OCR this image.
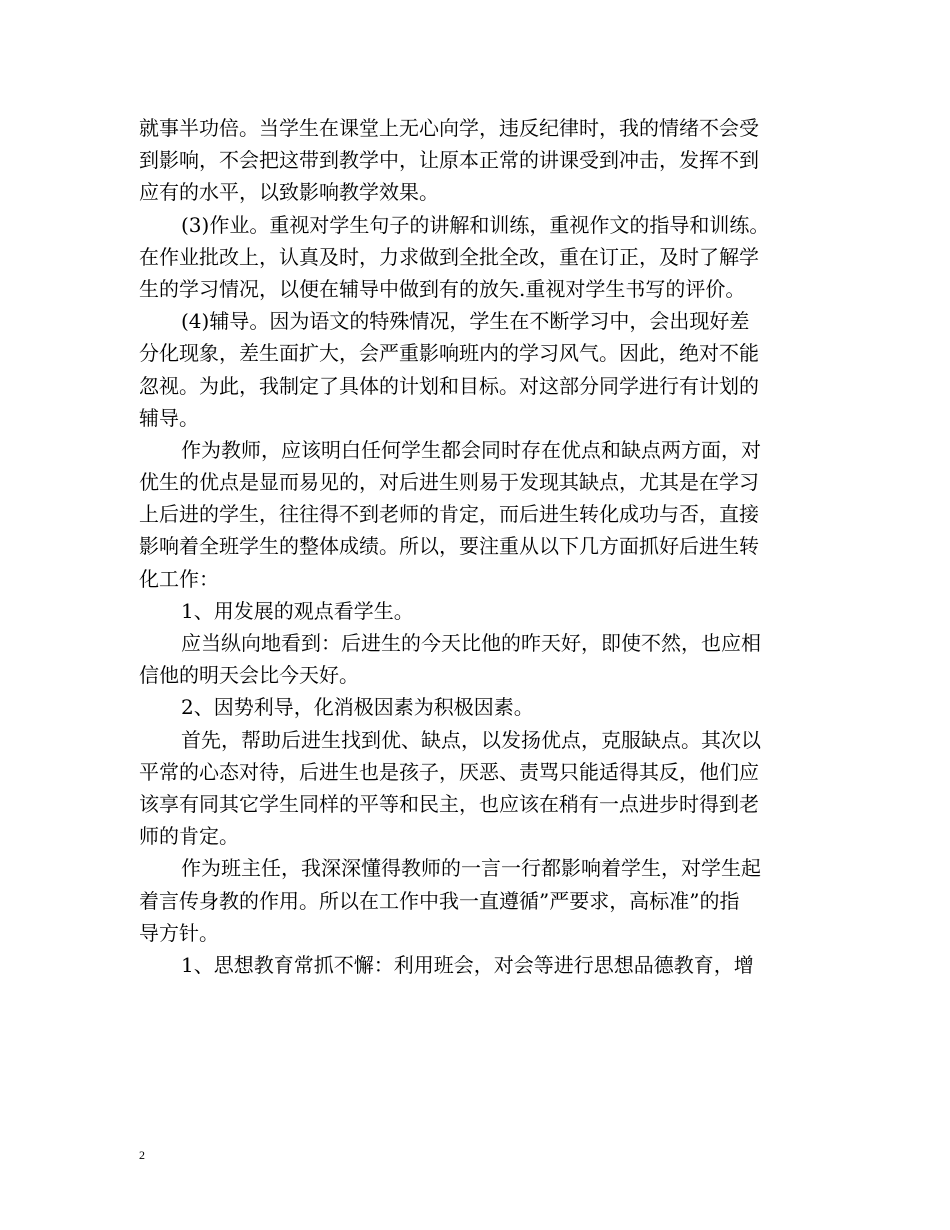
就事半功倍。当学生在课堂上无心向学，违反纪律时，我的情绪不会受
到影响，不会把这带到教学中，让原本正常的讲课受到冲击，发挥不到
应有的水平，以致影响教学效果。
(3)作业。重视对学生句子的讲解和训练，重视作文的指导和训练。
在作业批改上，认真及时，力求做到全批全改，重在订正，及时了解学
生的学习情况，以便在辅导中做到有的放矢.重视对学生书写的评价。
(4)辅导。因为语文的特殊情况，学生在不断学习中，会出现好差
分化现象，差生面扩大，会严重影响班内的学习风气。因此，绝对不能
忽视。为此，我制定了具体的计划和目标。对这部分同学进行有计划的
辅导。
作为教师，应该明白任何学生都会同时存在优点和缺点两方面，对
优生的优点是显而易见的，对后进生则易于发现其缺点，尤其是在学习
上后进的学生，往往得不到老师的肯定，而后进生转化成功与否，直接
影响着全班学生的整体成绩。所以，要注重从以下几方面抓好后进生转
化工作：
1、用发展的观点看学生。
应当纵向地看到：后进生的今天比他的昨天好，即使不然，也应相
信他的明天会比今天好。
2、因势利导，化消极因素为积极因素。
首先，帮助后进生找到优、缺点，以发扬优点，克服缺点。其次以
平常的心态对待，后进生也是孩子，厌恶、责骂只能适得其反，他们应
该享有同其它学生同样的平等和民主，也应该在稍有一点进步时得到老
师的肯定。
作为班主任，我深深懂得教师的一言一行都影响着学生，对学生起
着言传身教的作用。所以在工作中我一直遵循”严要求，高标准”的指
导方针。
1、思想教育常抓不懈：利用班会，对会等进行思想品德教育，增
2
